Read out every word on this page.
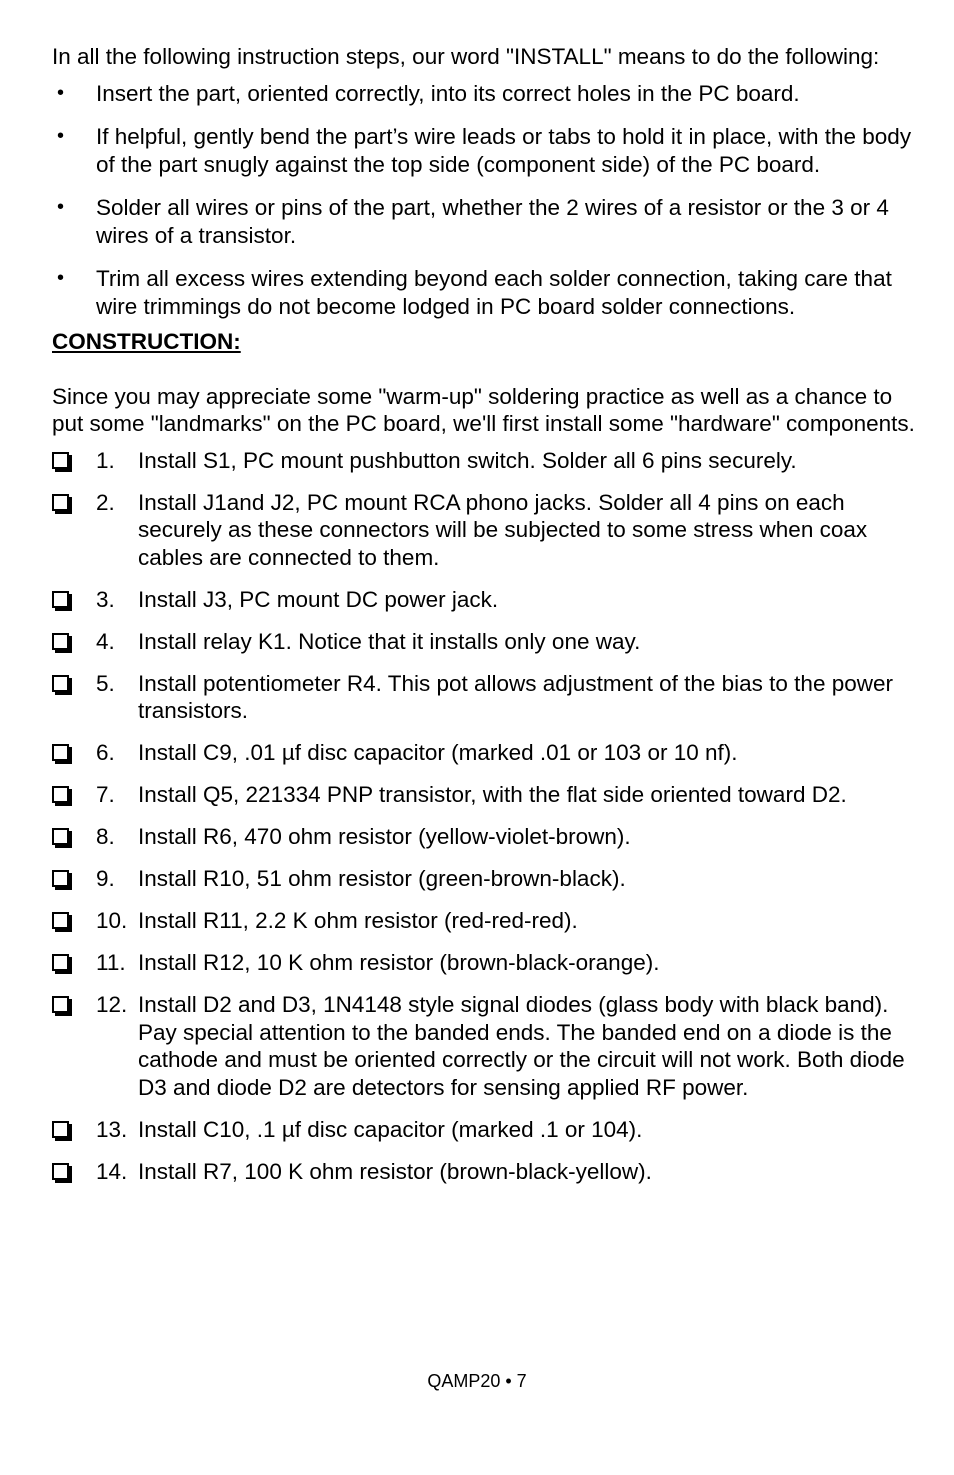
In all the following instruction steps, our word "INSTALL" means to do the following:

• Insert the part, oriented correctly, into its correct holes in the PC board.
• If helpful, gently bend the part’s wire leads or tabs to hold it in place, with the body of the part snugly against the top side (component side) of the PC board.
• Solder all wires or pins of the part, whether the 2 wires of a resistor or the 3 or 4 wires of a transistor.
• Trim all excess wires extending beyond each solder connection, taking care that wire trimmings do not become lodged in PC board solder connections.

CONSTRUCTION:

Since you may appreciate some "warm-up" soldering practice as well as a chance to put some "landmarks" on the PC board, we'll first install some "hardware" components.

1. Install S1, PC mount pushbutton switch. Solder all 6 pins securely.
2. Install J1and J2, PC mount RCA phono jacks. Solder all 4 pins on each securely as these connectors will be subjected to some stress when coax cables are connected to them.
3. Install J3, PC mount DC power jack.
4. Install relay K1. Notice that it installs only one way.
5. Install potentiometer R4. This pot allows adjustment of the bias to the power transistors.
6. Install C9, .01 µf disc capacitor (marked .01 or 103 or 10 nf).
7. Install Q5, 221334 PNP transistor, with the flat side oriented toward D2.
8. Install R6, 470 ohm resistor (yellow-violet-brown).
9. Install R10, 51 ohm resistor (green-brown-black).
10. Install R11, 2.2 K ohm resistor (red-red-red).
11. Install R12, 10 K ohm resistor (brown-black-orange).
12. Install D2 and D3, 1N4148 style signal diodes (glass body with black band). Pay special attention to the banded ends. The banded end on a diode is the cathode and must be oriented correctly or the circuit will not work. Both diode D3 and diode D2 are detectors for sensing applied RF power.
13. Install C10, .1 µf disc capacitor (marked .1 or 104).
14. Install R7, 100 K ohm resistor (brown-black-yellow).
QAMP20 • 7
